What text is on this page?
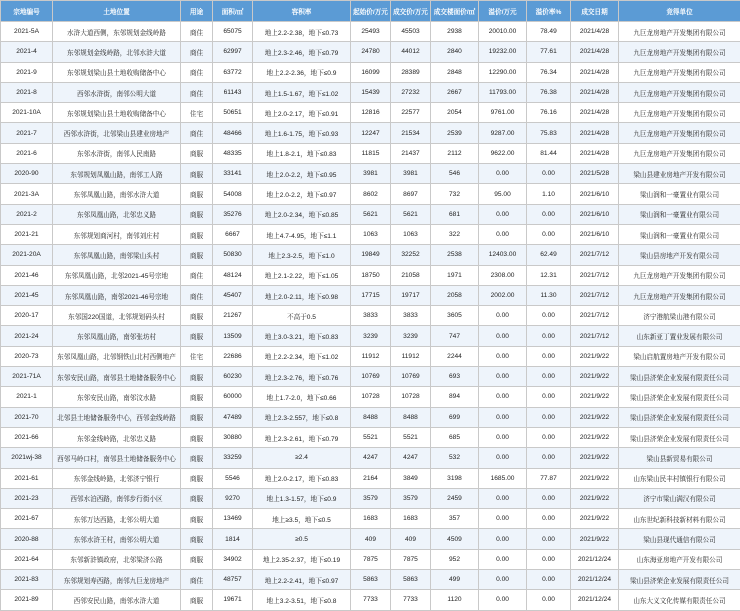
宗地编号	土地位置	用途	面积/㎡	容积率	起始价/万元	成交价/万元	成交楼面价/㎡	溢价/万元	溢价率%	成交日期	竞得单位
2021-5A	水浒大道西侧，东邻规划金线岭路	商住	65075	地上2.2-2.38，地下≤0.73	25493	45503	2938	20010.00	78.49	2021/4/28	九巨龙房地产开发集团有限公司
2021-4	东邻规划金线岭路，北邻水浒大道	商住	62997	地上2.3-2.46，地下≤0.79	24780	44012	2840	19232.00	77.61	2021/4/28	九巨龙房地产开发集团有限公司
2021-9	东邻规划梁山县土地收购储备中心	商住	63772	地上2.2-2.36，地下≤0.9	16099	28389	2848	12290.00	76.34	2021/4/28	九巨龙房地产开发集团有限公司
2021-8	西邻水浒街，南邻公明大道	商住	61143	地上1.5-1.67，地下≤1.02	15439	27232	2667	11793.00	76.38	2021/4/28	九巨龙房地产开发集团有限公司
2021-10A	东邻规划梁山县土地收购储备中心	住宅	50651	地上2.0-2.17，地下≤0.91	12816	22577	2054	9761.00	76.16	2021/4/28	九巨龙房地产开发集团有限公司
2021-7	西邻水浒街，北邻梁山县建业房地产	商住	48466	地上1.6-1.75，地下≤0.93	12247	21534	2539	9287.00	75.83	2021/4/28	九巨龙房地产开发集团有限公司
2021-6	东邻水浒街，南邻人民南路	商服	48335	地上1.8-2.1，地下≤0.83	11815	21437	2112	9622.00	81.44	2021/4/28	九巨龙房地产开发集团有限公司
2020-90	东邻规划凤凰山路，南邻工人路	商服	33141	地上2.0-2.2，地下≤0.95	3981	3981	546	0.00	0.00	2021/5/28	梁山县建业房地产开发有限公司
2021-3A	东邻凤凰山路，南邻水浒大道	商服	54008	地上2.0-2.2，地下≤0.97	8602	8697	732	95.00	1.10	2021/6/10	梁山润和一豪置业有限公司
2021-2	东邻凤凰山路，北邻忠义路	商服	35276	地上2.0-2.34，地下≤0.85	5621	5621	681	0.00	0.00	2021/6/10	梁山润和一豪置业有限公司
2021-21	东邻规划商河村，南邻刘庄村	商服	6667	地上4.7-4.95，地下≤1.1	1063	1063	322	0.00	0.00	2021/6/10	梁山润和一豪置业有限公司
2021-20A	东邻凤凰山路，南邻梁山头村	商服	50830	地上2.3-2.5，地下≤1.0	19849	32252	2538	12403.00	62.49	2021/7/12	梁山县房地产开发有限公司
2021-46	东邻凤凰山路，北邻2021-45号宗地	商住	48124	地上2.1-2.22，地下≤1.05	18750	21058	1971	2308.00	12.31	2021/7/12	九巨龙房地产开发集团有限公司
2021-45	东邻凤凰山路，南邻2021-46号宗地	商住	45407	地上2.0-2.11，地下≤0.98	17715	19717	2058	2002.00	11.30	2021/7/12	九巨龙房地产开发集团有限公司
2020-17	东邻国220国道，北邻规划码头村	商服	21267	不高于0.5	3833	3833	3605	0.00	0.00	2021/7/12	济宁港航梁山港有限公司
2021-24	东邻凤凰山路，南邻张坊村	商服	13509	地上3.0-3.21，地下≤0.83	3239	3239	747	0.00	0.00	2021/7/12	山东新亚丁置业发展有限公司
2020-73	东邻凤凰山路，北邻钢铁山北村西侧地产	住宅	22686	地上2.2-2.34，地下≤1.02	11912	11912	2244	0.00	0.00	2021/9/22	梁山启航置房地产开发有限公司
2021-71A	东邻安民山路，南邻县土地储备服务中心	商服	60230	地上2.3-2.76，地下≤0.76	10769	10769	693	0.00	0.00	2021/9/22	梁山县济荣企业发展有限责任公司
2021-1	东邻安民山路，南邻汶水路	商服	60000	地上1.7-2.0，地下≤0.66	10728	10728	894	0.00	0.00	2021/9/22	梁山县济荣企业发展有限责任公司
2021-70	北邻县土地储备服务中心，西邻金线岭路	商服	47489	地上2.3-2.557，地下≤0.8	8488	8488	699	0.00	0.00	2021/9/22	梁山县济荣企业发展有限责任公司
2021-66	东邻金线岭路，北邻忠义路	商服	30880	地上2.3-2.61，地下≤0.79	5521	5521	685	0.00	0.00	2021/9/22	梁山县济荣企业发展有限责任公司
2021wj-38	西邻马岭口村，南邻县土地储备服务中心	商服	33259	≥2.4	4247	4247	532	0.00	0.00	2021/9/22	梁山县新贸易有限公司
2021-61	东邻金线岭路，北邻济宁银行	商服	5546	地上2.0-2.17，地下≤0.83	2164	3849	3198	1685.00	77.87	2021/9/22	山东梁山民丰村镇银行有限公司
2021-23	西邻水泊西路，南邻步行街小区	商服	9270	地上1.3-1.57，地下≤0.9	3579	3579	2459	0.00	0.00	2021/9/22	济宁市梁山满汉有限公司
2021-67	东邻万达西路，北邻公明大道	商服	13469	地上≥3.5，地下≤0.5	1683	1683	357	0.00	0.00	2021/9/22	山东世纪新科技新材料有限公司
2020-88	东邻水浒王村，南邻公明大道	商服	1814	≥0.5	409	409	4509	0.00	0.00	2021/9/22	梁山县现代通信有限公司
2021-64	东邻新浒镇政府，北邻梁济公路	商服	34902	地上2.35-2.37，地下≤0.19	7875	7875	952	0.00	0.00	2021/12/24	山东海亚房地产开发有限公司
2021-83	东邻规划寿西路，南邻九巨龙房地产	商住	48757	地上2.2-2.41，地下≤0.97	5863	5863	499	0.00	0.00	2021/12/24	梁山县济荣企业发展有限责任公司
2021-89	西邻安民山路，南邻水浒大道	商服	19671	地上3.2-3.51，地下≤0.8	7733	7733	1120	0.00	0.00	2021/12/24	山东大义文化传媒有限责任公司
